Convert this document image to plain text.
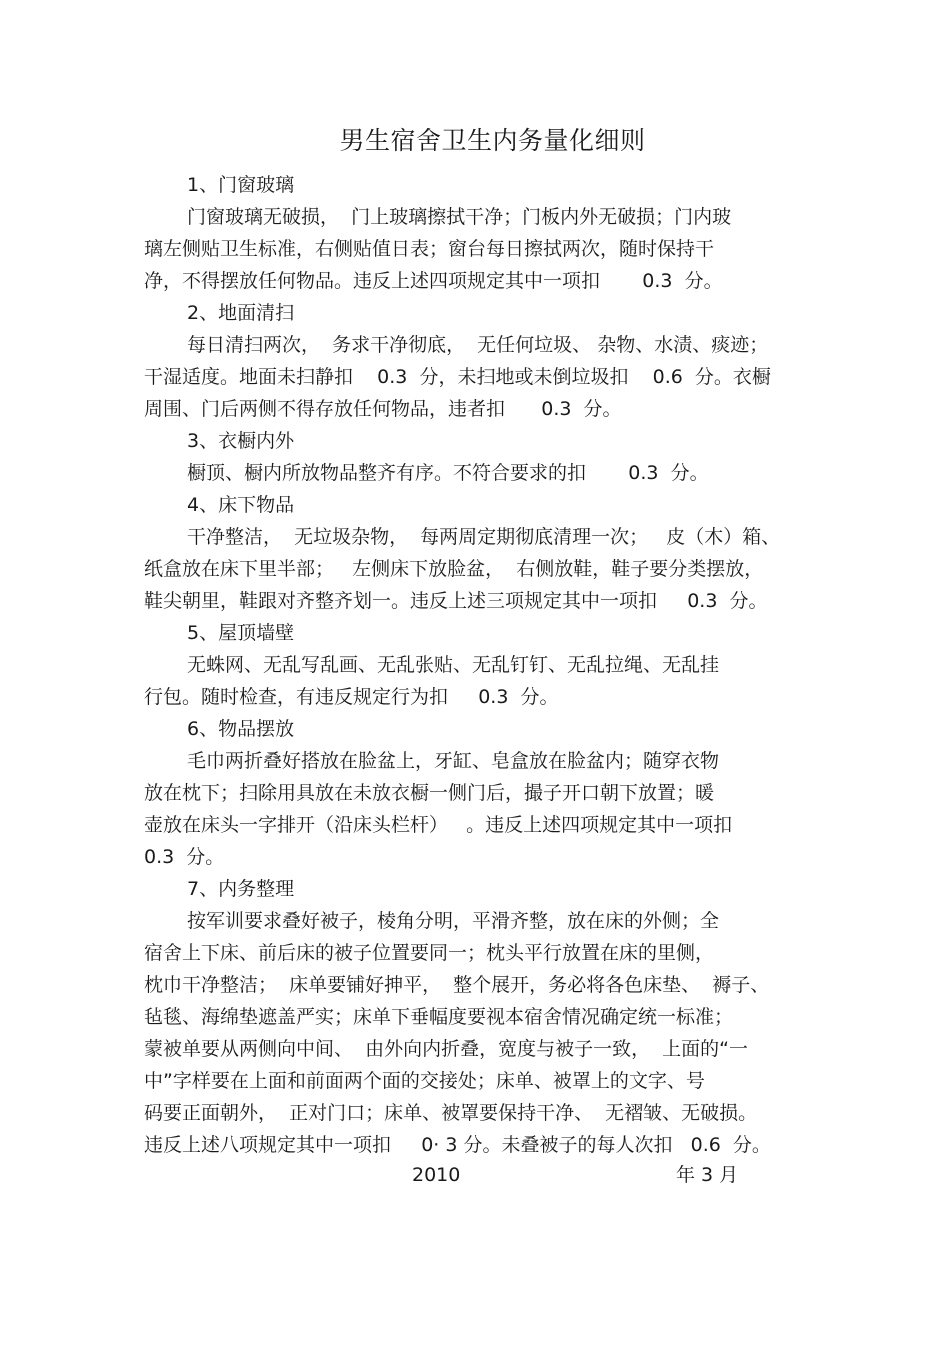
男生宿舍卫生内务量化细则
1、门窗玻璃
门窗玻璃无破损，  门上玻璃擦拭干净；门板内外无破损；门内玻
璃左侧贴卫生标准，右侧贴值日表；窗台每日擦拭两次，随时保持干
净，不得摆放任何物品。违反上述四项规定其中一项扣       0.3  分。
2、地面清扫
每日清扫两次，  务求干净彻底，  无任何垃圾、 杂物、水渍、痰迹；
干湿适度。地面未扫静扣    0.3  分，未扫地或未倒垃圾扣    0.6  分。衣橱
周围、门后两侧不得存放任何物品，违者扣      0.3  分。
3、衣橱内外
橱顶、橱内所放物品整齐有序。不符合要求的扣       0.3  分。
4、床下物品
干净整洁，  无垃圾杂物，  每两周定期彻底清理一次；   皮（木）箱、
纸盒放在床下里半部；   左侧床下放脸盆，  右侧放鞋，鞋子要分类摆放，
鞋尖朝里，鞋跟对齐整齐划一。违反上述三项规定其中一项扣     0.3  分。
5、屋顶墙壁
无蛛网、无乱写乱画、无乱张贴、无乱钉钉、无乱拉绳、无乱挂
行包。随时检查，有违反规定行为扣     0.3  分。
6、物品摆放
毛巾两折叠好搭放在脸盆上，牙缸、皂盒放在脸盆内；随穿衣物
放在枕下；扫除用具放在未放衣橱一侧门后，撮子开口朝下放置；暖
壶放在床头一字排开（沿床头栏杆）   。违反上述四项规定其中一项扣
0.3  分。
7、内务整理
按军训要求叠好被子，棱角分明，平滑齐整，放在床的外侧；全
宿舍上下床、前后床的被子位置要同一；枕头平行放置在床的里侧，
枕巾干净整洁；  床单要铺好抻平，  整个展开，务必将各色床垫、  褥子、
毡毯、海绵垫遮盖严实；床单下垂幅度要视本宿舍情况确定统一标准；
蒙被单要从两侧向中间、  由外向内折叠，宽度与被子一致，  上面的“一
中”字样要在上面和前面两个面的交接处；床单、被罩上的文字、号
码要正面朝外，  正对门口；床单、被罩要保持干净、  无褶皱、无破损。
违反上述八项规定其中一项扣     0· 3 分。未叠被子的每人次扣   0.6  分。
2010	年 3 月
